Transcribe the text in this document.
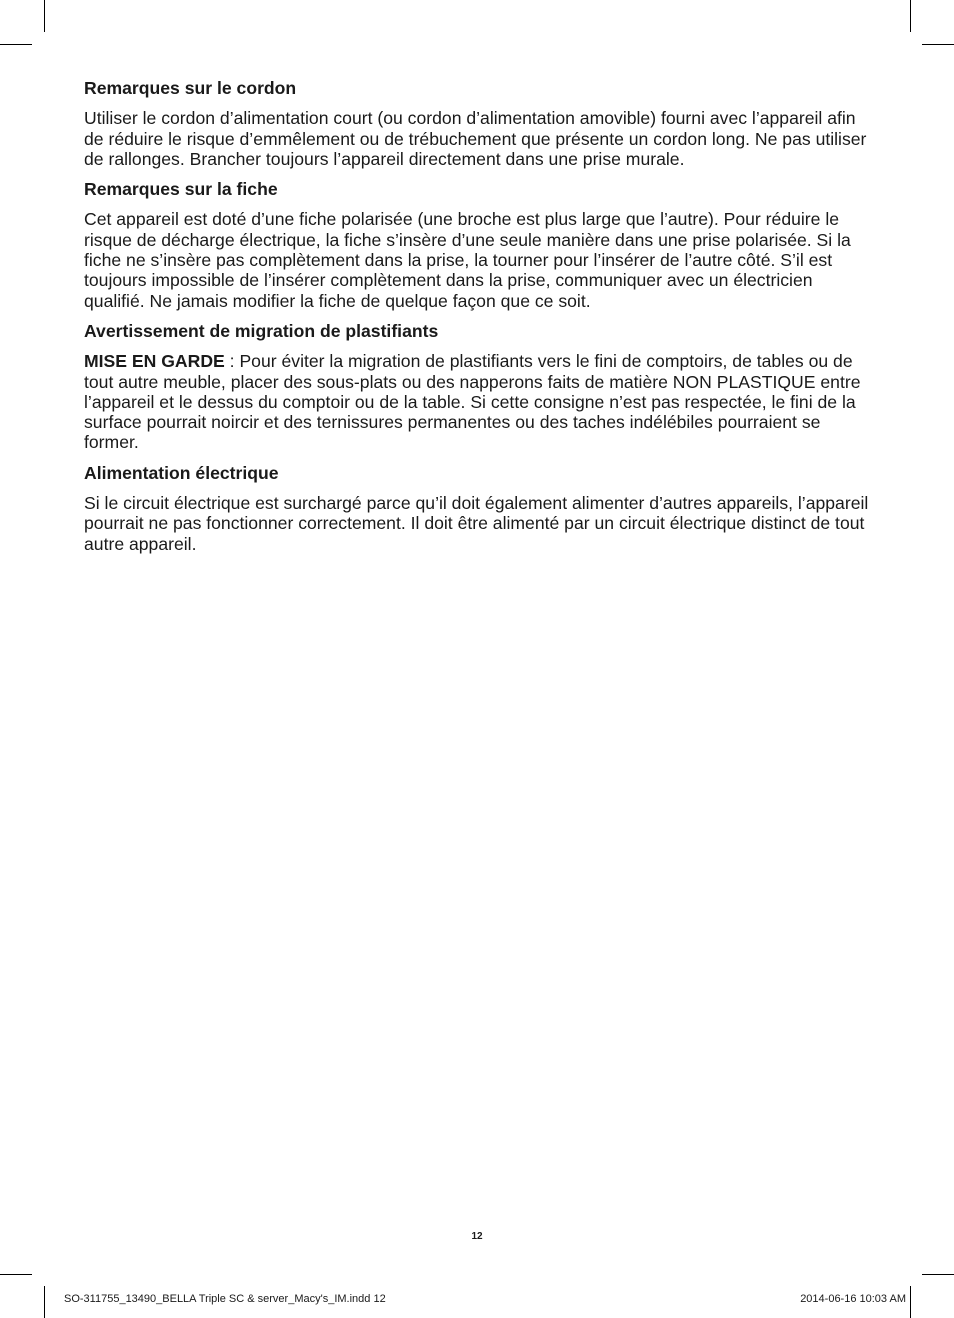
Remarques sur le cordon

Utiliser le cordon d’alimentation court (ou cordon d’alimentation amovible) fourni avec l’appareil afin de réduire le risque d’emmêlement ou de trébuchement que présente un cordon long. Ne pas utiliser de rallonges. Brancher toujours l’appareil directement dans une prise murale.

Remarques sur la fiche

Cet appareil est doté d’une fiche polarisée (une broche est plus large que l’autre). Pour réduire le risque de décharge électrique, la fiche s’insère d’une seule manière dans une prise polarisée. Si la fiche ne s’insère pas complètement dans la prise, la tourner pour l’insérer de l’autre côté. S’il est toujours impossible de l’insérer complètement dans la prise, communiquer avec un électricien qualifié. Ne jamais modifier la fiche de quelque façon que ce soit.

Avertissement de migration de plastifiants

MISE EN GARDE : Pour éviter la migration de plastifiants vers le fini de comptoirs, de tables ou de tout autre meuble, placer des sous-plats ou des napperons faits de matière NON PLASTIQUE entre l’appareil et le dessus du comptoir ou de la table. Si cette consigne n’est pas respectée, le fini de la surface pourrait noircir et des ternissures permanentes ou des taches indélébiles pourraient se former.

Alimentation électrique

Si le circuit électrique est surchargé parce qu’il doit également alimenter d’autres appareils, l’appareil pourrait ne pas fonctionner correctement. Il doit être alimenté par un circuit électrique distinct de tout autre appareil.

12
SO-311755_13490_BELLA Triple SC & server_Macy's_IM.indd 12	2014-06-16 10:03 AM
